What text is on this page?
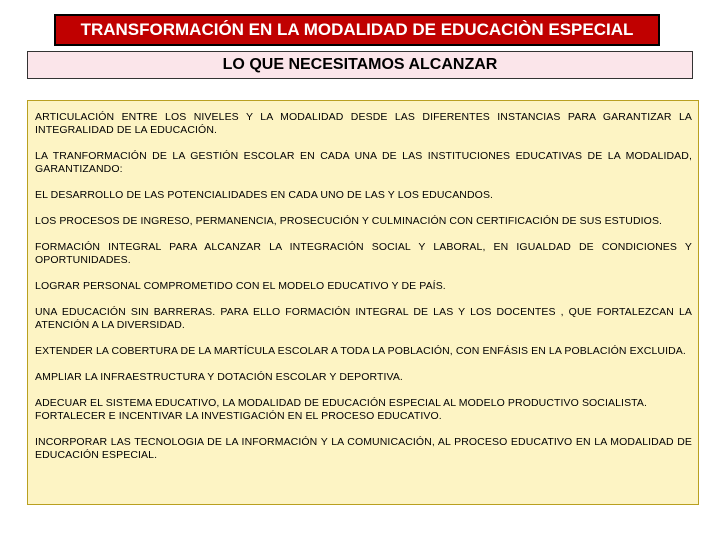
TRANSFORMACIÓN EN LA MODALIDAD DE EDUCACIÒN ESPECIAL
LO QUE NECESITAMOS ALCANZAR

ARTICULACIÓN ENTRE LOS NIVELES Y LA MODALIDAD DESDE LAS DIFERENTES INSTANCIAS PARA GARANTIZAR LA INTEGRALIDAD DE LA EDUCACIÓN.

LA TRANFORMACIÓN DE LA GESTIÓN ESCOLAR EN CADA UNA DE LAS INSTITUCIONES EDUCATIVAS DE LA MODALIDAD, GARANTIZANDO:

EL DESARROLLO DE LAS POTENCIALIDADES EN CADA UNO DE LAS Y LOS EDUCANDOS.

LOS PROCESOS DE INGRESO, PERMANENCIA, PROSECUCIÓN Y CULMINACIÓN CON CERTIFICACIÓN DE SUS ESTUDIOS.

FORMACIÓN INTEGRAL PARA ALCANZAR LA INTEGRACIÓN SOCIAL Y LABORAL, EN IGUALDAD DE CONDICIONES Y OPORTUNIDADES.

LOGRAR PERSONAL COMPROMETIDO CON EL MODELO EDUCATIVO Y DE PAÍS.

UNA EDUCACIÓN SIN BARRERAS. PARA ELLO FORMACIÓN INTEGRAL DE LAS Y LOS DOCENTES , QUE FORTALEZCAN LA ATENCIÓN A LA DIVERSIDAD.

EXTENDER LA COBERTURA DE LA MARTÍCULA ESCOLAR A TODA LA POBLACIÓN, CON ENFÁSIS EN LA POBLACIÓN EXCLUIDA.

AMPLIAR LA INFRAESTRUCTURA Y DOTACIÓN ESCOLAR Y DEPORTIVA.

ADECUAR EL SISTEMA EDUCATIVO, LA MODALIDAD DE EDUCACIÓN ESPECIAL AL MODELO PRODUCTIVO SOCIALISTA.
FORTALECER E INCENTIVAR LA INVESTIGACIÓN EN EL PROCESO EDUCATIVO.

INCORPORAR LAS TECNOLOGIA DE LA INFORMACIÓN Y LA COMUNICACIÓN, AL PROCESO EDUCATIVO EN LA MODALIDAD DE EDUCACIÓN ESPECIAL.
